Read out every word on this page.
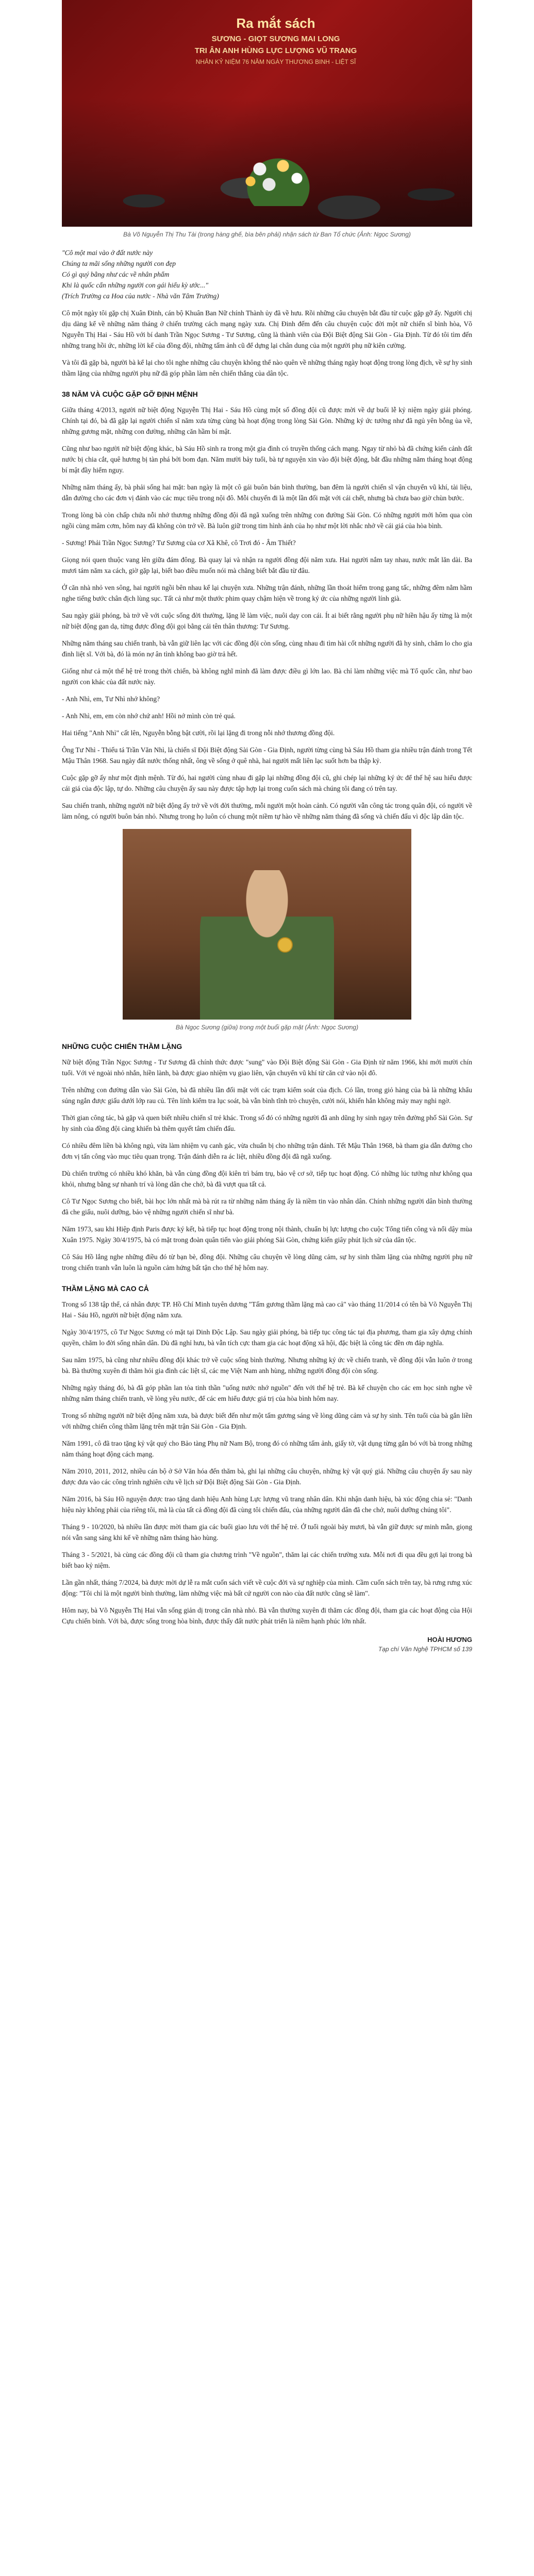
Ra mắt sách

SƯƠNG - GIỌT SƯƠNG MAI LONG

TRI ÂN ANH HÙNG LỰC LƯỢNG VŨ TRANG

NHÂN KỶ NIỆM 76 NĂM NGÀY THƯƠNG BINH - LIỆT SĨ

Bà Võ Nguyễn Thị Thu Tài (trong hàng ghế, bìa bên phải) nhận sách từ Ban Tổ chức (Ảnh: Ngọc Sương)

"Cô một mai vào ở đất nước này
Chúng ta mãi sống những người con đẹp
Có gì quý bằng như các về nhân phẩm
Khi là quốc cẩn những người con gái hiểu kỳ ước..."
(Trích Trường ca Hoa của nước - Nhà văn Tâm Trường)

Cô một ngày tôi gặp chị Xuân Đinh, cán bộ Khuân Ban Nữ chính Thành ủy đã về hưu. Rồi những câu chuyện bắt đầu từ cuộc gặp gỡ ấy. Người chị dịu dàng kể về những năm tháng ở chiến trường cách mạng ngày xưa. Chị Đinh đếm đến câu chuyện cuộc đời một nữ chiến sĩ bình hòa, Võ Nguyễn Thị Hai - Sáu Hồ với bí danh Trần Ngọc Sương - Tư Sương, cũng là thành viên của Đội Biệt động Sài Gòn - Gia Định. Từ đó tôi tìm đến những trang hồi ức, những lời kể của đồng đội, những tấm ảnh cũ để dựng lại chân dung của một người phụ nữ kiên cường.

Và tôi đã gặp bà, người bà kể lại cho tôi nghe những câu chuyện không thể nào quên về những tháng ngày hoạt động trong lòng địch, về sự hy sinh thầm lặng của những người phụ nữ đã góp phần làm nên chiến thắng của dân tộc.

38 NĂM VÀ CUỘC GẶP GỠ ĐỊNH MỆNH

Giữa tháng 4/2013, người nữ biệt động Nguyễn Thị Hai - Sáu Hồ cùng một số đồng đội cũ được mời về dự buổi lễ kỷ niệm ngày giải phóng. Chính tại đó, bà đã gặp lại người chiến sĩ năm xưa từng cùng bà hoạt động trong lòng Sài Gòn. Những ký ức tưởng như đã ngủ yên bỗng ùa về, những gương mặt, những con đường, những căn hầm bí mật.

Cũng như bao người nữ biệt động khác, bà Sáu Hồ sinh ra trong một gia đình có truyền thống cách mạng. Ngay từ nhỏ bà đã chứng kiến cảnh đất nước bị chia cắt, quê hương bị tàn phá bởi bom đạn. Năm mười bảy tuổi, bà tự nguyện xin vào đội biệt động, bắt đầu những năm tháng hoạt động bí mật đầy hiểm nguy.

Những năm tháng ấy, bà phải sống hai mặt: ban ngày là một cô gái buôn bán bình thường, ban đêm là người chiến sĩ vận chuyển vũ khí, tài liệu, dẫn đường cho các đơn vị đánh vào các mục tiêu trong nội đô. Mỗi chuyến đi là một lần đối mặt với cái chết, nhưng bà chưa bao giờ chùn bước.

Trong lòng bà còn chấp chứa nỗi nhớ thương những đồng đội đã ngã xuống trên những con đường Sài Gòn. Có những người mới hôm qua còn ngồi cùng mâm cơm, hôm nay đã không còn trở về. Bà luôn giữ trong tim hình ảnh của họ như một lời nhắc nhở về cái giá của hòa bình.

- Sương! Phải Trần Ngọc Sương? Tư Sương của cơ Xã Khê, cô Trơi đó - Âm Thiết?

Giọng nói quen thuộc vang lên giữa đám đông. Bà quay lại và nhận ra người đồng đội năm xưa. Hai người nắm tay nhau, nước mắt lăn dài. Ba mươi tám năm xa cách, giờ gặp lại, biết bao điều muốn nói mà chẳng biết bắt đầu từ đâu.

Ở căn nhà nhỏ ven sông, hai người ngồi bên nhau kể lại chuyện xưa. Những trận đánh, những lần thoát hiểm trong gang tấc, những đêm nằm hầm nghe tiếng bước chân địch lùng sục. Tất cả như một thước phim quay chậm hiện về trong ký ức của những người lính già.

Sau ngày giải phóng, bà trở về với cuộc sống đời thường, lặng lẽ làm việc, nuôi dạy con cái. Ít ai biết rằng người phụ nữ hiền hậu ấy từng là một nữ biệt động gan dạ, từng được đồng đội gọi bằng cái tên thân thương: Tư Sương.

Những năm tháng sau chiến tranh, bà vẫn giữ liên lạc với các đồng đội còn sống, cùng nhau đi tìm hài cốt những người đã hy sinh, chăm lo cho gia đình liệt sĩ. Với bà, đó là món nợ ân tình không bao giờ trả hết.

Giống như cả một thế hệ trẻ trong thời chiến, bà không nghĩ mình đã làm được điều gì lớn lao. Bà chỉ làm những việc mà Tổ quốc cần, như bao người con khác của đất nước này.

- Anh Nhì, em, Tư Nhì nhớ không?

- Anh Nhì, em, em còn nhớ chứ anh! Hồi nớ mình còn trẻ quá.

Hai tiếng "Anh Nhì" cất lên, Nguyễn bỗng bật cười, rồi lại lặng đi trong nỗi nhớ thương đồng đội.

Ông Tư Nhì - Thiếu tá Trần Văn Nhì, là chiến sĩ Đội Biệt động Sài Gòn - Gia Định, người từng cùng bà Sáu Hồ tham gia nhiều trận đánh trong Tết Mậu Thân 1968. Sau ngày đất nước thống nhất, ông về sống ở quê nhà, hai người mất liên lạc suốt hơn ba thập kỷ.

Cuộc gặp gỡ ấy như một định mệnh. Từ đó, hai người cùng nhau đi gặp lại những đồng đội cũ, ghi chép lại những ký ức để thế hệ sau hiểu được cái giá của độc lập, tự do. Những câu chuyện ấy sau này được tập hợp lại trong cuốn sách mà chúng tôi đang có trên tay.

Sau chiến tranh, những người nữ biệt động ấy trở về với đời thường, mỗi người một hoàn cảnh. Có người vẫn công tác trong quân đội, có người về làm nông, có người buôn bán nhỏ. Nhưng trong họ luôn có chung một niềm tự hào về những năm tháng đã sống và chiến đấu vì độc lập dân tộc.

Bà Ngọc Sương (giữa) trong một buổi gặp mặt (Ảnh: Ngọc Sương)

NHỮNG CUỘC CHIẾN THẦM LẶNG

Nữ biệt động Trần Ngọc Sương - Tư Sương đã chính thức được "sung" vào Đội Biệt động Sài Gòn - Gia Định từ năm 1966, khi mới mười chín tuổi. Với vẻ ngoài nhỏ nhắn, hiền lành, bà được giao nhiệm vụ giao liên, vận chuyển vũ khí từ căn cứ vào nội đô.

Trên những con đường dẫn vào Sài Gòn, bà đã nhiều lần đối mặt với các trạm kiểm soát của địch. Có lần, trong giỏ hàng của bà là những khẩu súng ngắn được giấu dưới lớp rau củ. Tên lính kiểm tra lục soát, bà vẫn bình tĩnh trò chuyện, cười nói, khiến hắn không mảy may nghi ngờ.

Thời gian công tác, bà gặp và quen biết nhiều chiến sĩ trẻ khác. Trong số đó có những người đã anh dũng hy sinh ngay trên đường phố Sài Gòn. Sự hy sinh của đồng đội càng khiến bà thêm quyết tâm chiến đấu.

Có nhiều đêm liền bà không ngủ, vừa làm nhiệm vụ canh gác, vừa chuẩn bị cho những trận đánh. Tết Mậu Thân 1968, bà tham gia dẫn đường cho đơn vị tấn công vào mục tiêu quan trọng. Trận đánh diễn ra ác liệt, nhiều đồng đội đã ngã xuống.

Dù chiến trường có nhiều khó khăn, bà vẫn cùng đồng đội kiên trì bám trụ, bảo vệ cơ sở, tiếp tục hoạt động. Có những lúc tưởng như không qua khỏi, nhưng bằng sự nhanh trí và lòng dân che chở, bà đã vượt qua tất cả.

Cô Tư Ngọc Sương cho biết, bài học lớn nhất mà bà rút ra từ những năm tháng ấy là niềm tin vào nhân dân. Chính những người dân bình thường đã che giấu, nuôi dưỡng, bảo vệ những người chiến sĩ như bà.

Năm 1973, sau khi Hiệp định Paris được ký kết, bà tiếp tục hoạt động trong nội thành, chuẩn bị lực lượng cho cuộc Tổng tiến công và nổi dậy mùa Xuân 1975. Ngày 30/4/1975, bà có mặt trong đoàn quân tiến vào giải phóng Sài Gòn, chứng kiến giây phút lịch sử của dân tộc.

Cô Sáu Hồ lắng nghe những điều đó từ bạn bè, đồng đội. Những câu chuyện về lòng dũng cảm, sự hy sinh thầm lặng của những người phụ nữ trong chiến tranh vẫn luôn là nguồn cảm hứng bất tận cho thế hệ hôm nay.

THẦM LẶNG MÀ CAO CẢ

Trong số 138 tập thể, cá nhân được TP. Hồ Chí Minh tuyên dương "Tấm gương thầm lặng mà cao cả" vào tháng 11/2014 có tên bà Võ Nguyễn Thị Hai - Sáu Hồ, người nữ biệt động năm xưa.

Ngày 30/4/1975, cô Tư Ngọc Sương có mặt tại Dinh Độc Lập. Sau ngày giải phóng, bà tiếp tục công tác tại địa phương, tham gia xây dựng chính quyền, chăm lo đời sống nhân dân. Dù đã nghỉ hưu, bà vẫn tích cực tham gia các hoạt động xã hội, đặc biệt là công tác đền ơn đáp nghĩa.

Sau năm 1975, bà cũng như nhiều đồng đội khác trở về cuộc sống bình thường. Nhưng những ký ức về chiến tranh, về đồng đội vẫn luôn ở trong bà. Bà thường xuyên đi thăm hỏi gia đình các liệt sĩ, các mẹ Việt Nam anh hùng, những người đồng đội còn sống.

Những ngày tháng đó, bà đã góp phần lan tỏa tinh thần "uống nước nhớ nguồn" đến với thế hệ trẻ. Bà kể chuyện cho các em học sinh nghe về những năm tháng chiến tranh, về lòng yêu nước, để các em hiểu được giá trị của hòa bình hôm nay.

Trong số những người nữ biệt động năm xưa, bà được biết đến như một tấm gương sáng về lòng dũng cảm và sự hy sinh. Tên tuổi của bà gắn liền với những chiến công thầm lặng trên mặt trận Sài Gòn - Gia Định.

Năm 1991, cô đã trao tặng kỷ vật quý cho Bảo tàng Phụ nữ Nam Bộ, trong đó có những tấm ảnh, giấy tờ, vật dụng từng gắn bó với bà trong những năm tháng hoạt động cách mạng.

Năm 2010, 2011, 2012, nhiều cán bộ ở Sở Văn hóa đến thăm bà, ghi lại những câu chuyện, những kỷ vật quý giá. Những câu chuyện ấy sau này được đưa vào các công trình nghiên cứu về lịch sử Đội Biệt động Sài Gòn - Gia Định.

Năm 2016, bà Sáu Hồ nguyện được trao tặng danh hiệu Anh hùng Lực lượng vũ trang nhân dân. Khi nhận danh hiệu, bà xúc động chia sẻ: "Danh hiệu này không phải của riêng tôi, mà là của tất cả đồng đội đã cùng tôi chiến đấu, của những người dân đã che chở, nuôi dưỡng chúng tôi".

Tháng 9 - 10/2020, bà nhiều lần được mời tham gia các buổi giao lưu với thế hệ trẻ. Ở tuổi ngoài bảy mươi, bà vẫn giữ được sự minh mẫn, giọng nói vẫn sang sảng khi kể về những năm tháng hào hùng.

Tháng 3 - 5/2021, bà cùng các đồng đội cũ tham gia chương trình "Về nguồn", thăm lại các chiến trường xưa. Mỗi nơi đi qua đều gợi lại trong bà biết bao kỷ niệm.

Lần gần nhất, tháng 7/2024, bà được mời dự lễ ra mắt cuốn sách viết về cuộc đời và sự nghiệp của mình. Cầm cuốn sách trên tay, bà rưng rưng xúc động: "Tôi chỉ là một người bình thường, làm những việc mà bất cứ người con nào của đất nước cũng sẽ làm".

Hôm nay, bà Võ Nguyễn Thị Hai vẫn sống giản dị trong căn nhà nhỏ. Bà vẫn thường xuyên đi thăm các đồng đội, tham gia các hoạt động của Hội Cựu chiến binh. Với bà, được sống trong hòa bình, được thấy đất nước phát triển là niềm hạnh phúc lớn nhất.

HOÀI HƯƠNG

Tạp chí Văn Nghệ TPHCM số 139
